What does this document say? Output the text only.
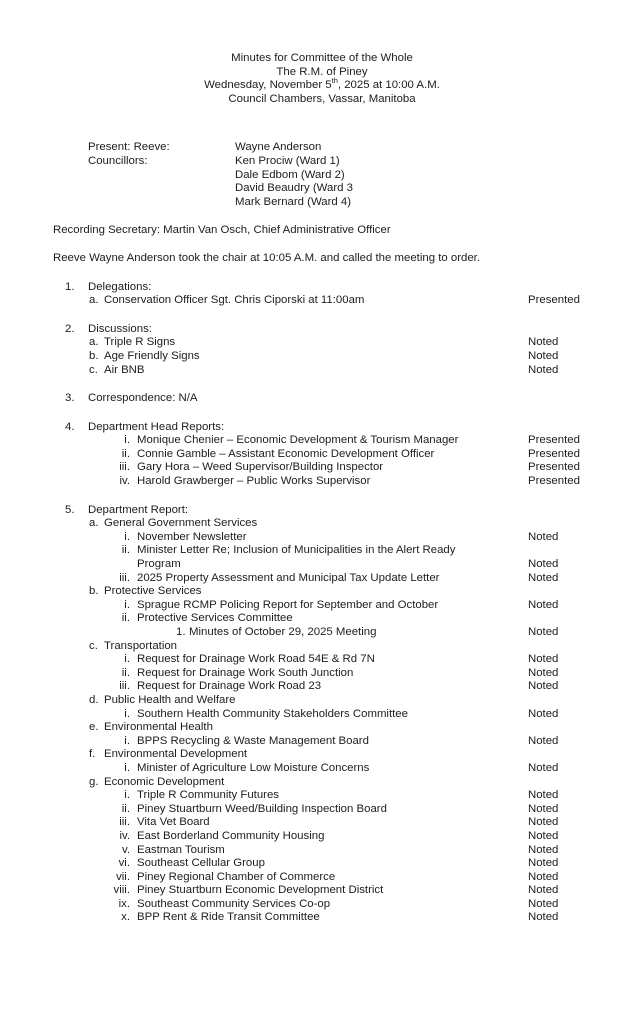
Minutes for Committee of the Whole
The R.M. of Piney
Wednesday, November 5th, 2025 at 10:00 A.M.
Council Chambers, Vassar, Manitoba
Present: Reeve:	Wayne Anderson
Councillors:	Ken Prociw (Ward 1)
Dale Edbom (Ward 2)
David Beaudry (Ward 3
Mark Bernard (Ward 4)

Recording Secretary: Martin Van Osch, Chief Administrative Officer

Reeve Wayne Anderson took the chair at 10:05 A.M. and called the meeting to order.

1.	Delegations:
a. Conservation Officer Sgt. Chris Ciporski at 11:00am	Presented
2.	Discussions:
a. Triple R Signs	Noted
b. Age Friendly Signs	Noted
c. Air BNB	Noted
3.	Correspondence: N/A
4.	Department Head Reports:
i. Monique Chenier – Economic Development & Tourism Manager	Presented
ii. Connie Gamble – Assistant Economic Development Officer	Presented
iii. Gary Hora – Weed Supervisor/Building Inspector	Presented
iv. Harold Grawberger – Public Works Supervisor	Presented
5.	Department Report:
a. General Government Services
i. November Newsletter	Noted
ii. Minister Letter Re; Inclusion of Municipalities in the Alert Ready
Program	Noted
iii. 2025 Property Assessment and Municipal Tax Update Letter	Noted
b. Protective Services
i. Sprague RCMP Policing Report for September and October	Noted
ii. Protective Services Committee
1. Minutes of October 29, 2025 Meeting	Noted
c. Transportation
i. Request for Drainage Work Road 54E & Rd 7N	Noted
ii. Request for Drainage Work South Junction	Noted
iii. Request for Drainage Work Road 23	Noted
d. Public Health and Welfare
i. Southern Health Community Stakeholders Committee	Noted
e. Environmental Health
i. BPPS Recycling & Waste Management Board	Noted
f. Environmental Development
i. Minister of Agriculture Low Moisture Concerns	Noted
g. Economic Development
i. Triple R Community Futures	Noted
ii. Piney Stuartburn Weed/Building Inspection Board	Noted
iii. Vita Vet Board	Noted
iv. East Borderland Community Housing	Noted
v. Eastman Tourism	Noted
vi. Southeast Cellular Group	Noted
vii. Piney Regional Chamber of Commerce	Noted
viii. Piney Stuartburn Economic Development District	Noted
ix. Southeast Community Services Co-op	Noted
x. BPP Rent & Ride Transit Committee	Noted
